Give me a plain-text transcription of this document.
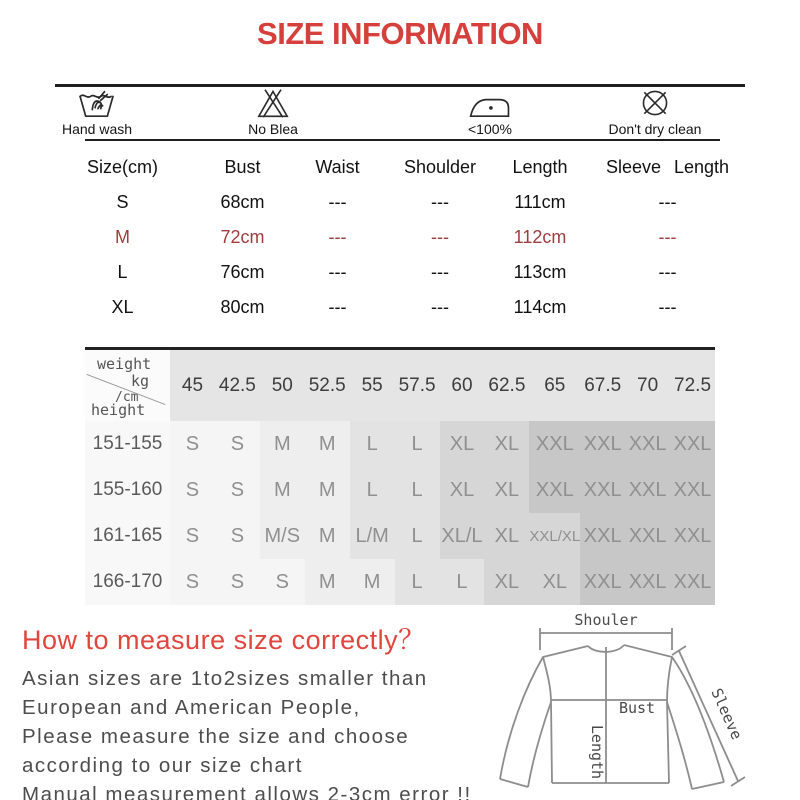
SIZE INFORMATION
Hand wash	No Blea	<100%	Don't dry clean
Size(cm)	Bust	Waist	Shoulder	Length	Sleeve Length
S	68cm	---	---	111cm	---
M	72cm	---	---	112cm	---
L	76cm	---	---	113cm	---
XL	80cm	---	---	114cm	---
weight
kg
/cm
height
45 42.5 50 52.5 55 57.5 60 62.5 65 67.5 70 72.5
151-155	S	S	M	M	L	L	XL	XL XXL XXL XXL XXL
155-160	S	S	M	M	L	L	XL	XL XXL XXL XXL XXL
161-165	S	S	M/S M L/M	L XL/L XL XXL/XL XXL XXL XXL
166-170	S	S	S	M	M	L	L	XL	XL XXL XXL XXL
How to measure size correctly？
Asian sizes are 1to2sizes smaller than
European and American People,
Please measure the size and choose
according to our size chart
Manual measurement allows 2-3cm error !!
Shouler
Bust
Length
Sleeve
